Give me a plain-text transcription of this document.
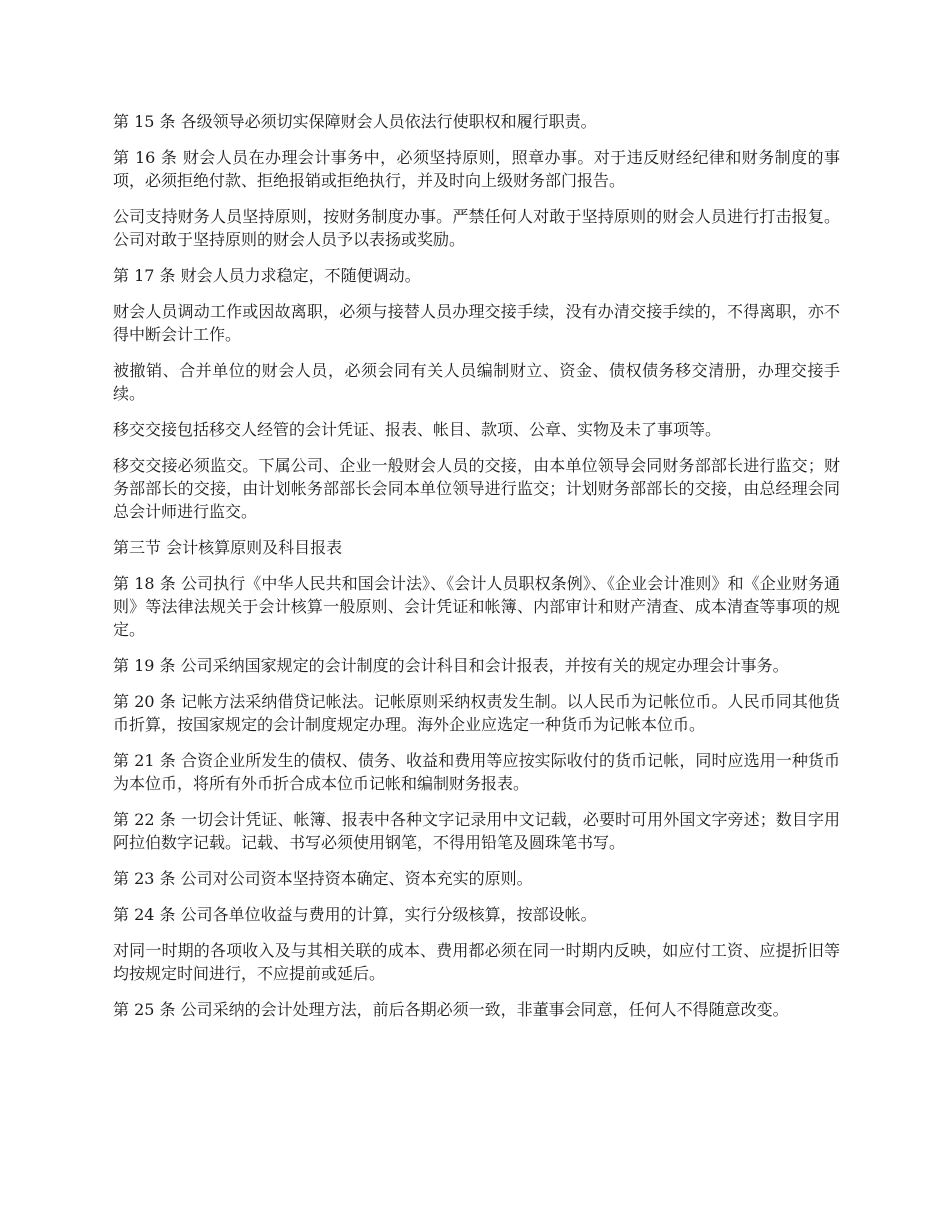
第 15 条 各级领导必须切实保障财会人员依法行使职权和履行职责。

第 16 条 财会人员在办理会计事务中，必须坚持原则，照章办事。对于违反财经纪律和财务制度的事项，必须拒绝付款、拒绝报销或拒绝执行，并及时向上级财务部门报告。

公司支持财务人员坚持原则，按财务制度办事。严禁任何人对敢于坚持原则的财会人员进行打击报复。公司对敢于坚持原则的财会人员予以表扬或奖励。

第 17 条 财会人员力求稳定，不随便调动。

财会人员调动工作或因故离职，必须与接替人员办理交接手续，没有办清交接手续的，不得离职，亦不得中断会计工作。

被撤销、合并单位的财会人员，必须会同有关人员编制财立、资金、债权债务移交清册，办理交接手续。

移交交接包括移交人经管的会计凭证、报表、帐目、款项、公章、实物及未了事项等。

移交交接必须监交。下属公司、企业一般财会人员的交接，由本单位领导会同财务部部长进行监交；财务部部长的交接，由计划帐务部部长会同本单位领导进行监交；计划财务部部长的交接，由总经理会同总会计师进行监交。

第三节 会计核算原则及科目报表

第 18 条 公司执行《中华人民共和国会计法》、《会计人员职权条例》、《企业会计准则》和《企业财务通则》等法律法规关于会计核算一般原则、会计凭证和帐簿、内部审计和财产清查、成本清查等事项的规定。

第 19 条 公司采纳国家规定的会计制度的会计科目和会计报表，并按有关的规定办理会计事务。

第 20 条 记帐方法采纳借贷记帐法。记帐原则采纳权责发生制。以人民币为记帐位币。人民币同其他货币折算，按国家规定的会计制度规定办理。海外企业应选定一种货币为记帐本位币。

第 21 条 合资企业所发生的债权、债务、收益和费用等应按实际收付的货币记帐，同时应选用一种货币为本位币，将所有外币折合成本位币记帐和编制财务报表。

第 22 条 一切会计凭证、帐簿、报表中各种文字记录用中文记载，必要时可用外国文字旁述；数目字用阿拉伯数字记载。记载、书写必须使用钢笔，不得用铅笔及圆珠笔书写。

第 23 条 公司对公司资本坚持资本确定、资本充实的原则。

第 24 条 公司各单位收益与费用的计算，实行分级核算，按部设帐。

对同一时期的各项收入及与其相关联的成本、费用都必须在同一时期内反映，如应付工资、应提折旧等均按规定时间进行，不应提前或延后。

第 25 条 公司采纳的会计处理方法，前后各期必须一致，非董事会同意，任何人不得随意改变。
